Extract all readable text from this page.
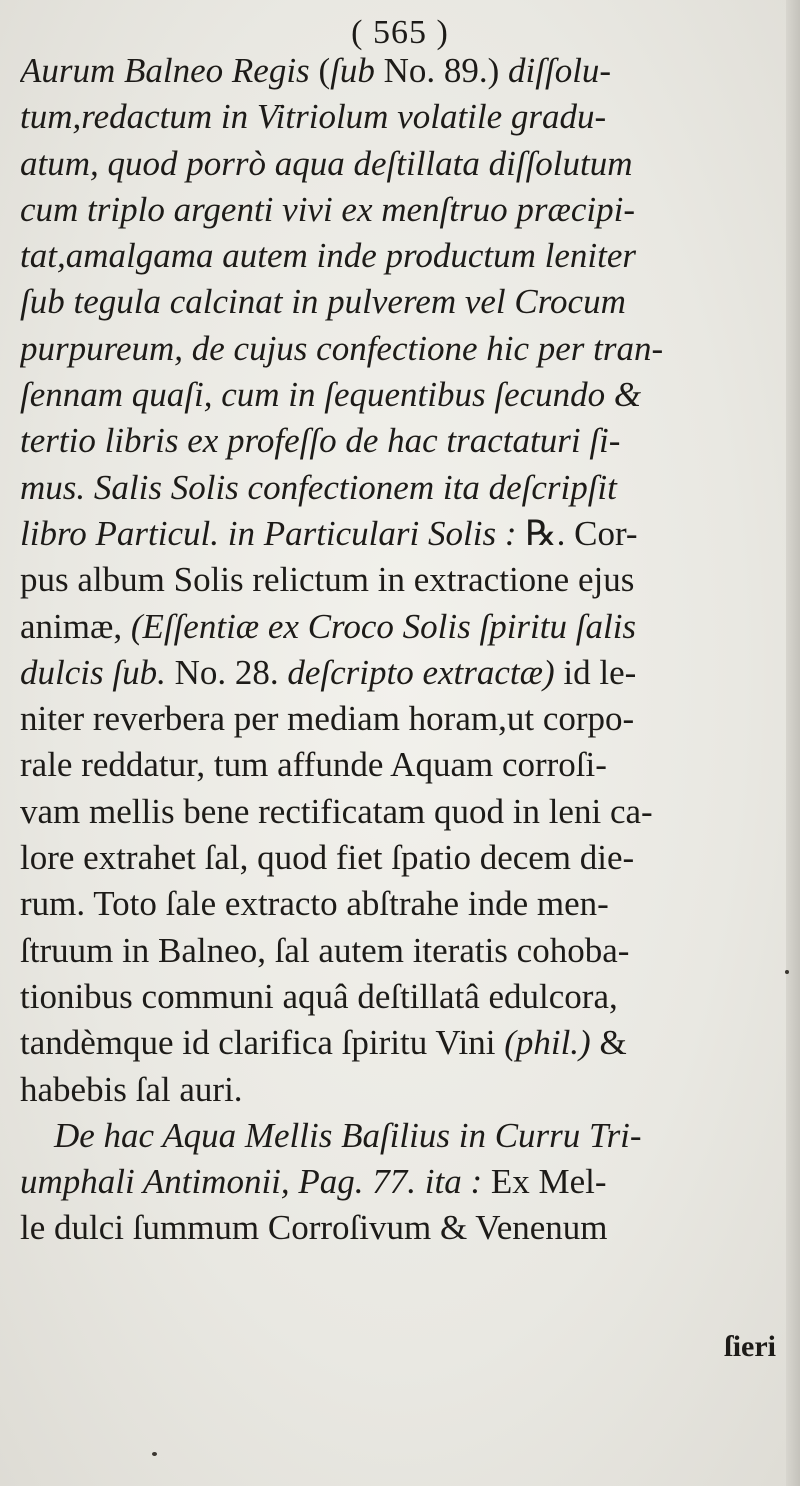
( 565 )
Aurum Balneo Regis (ſub No. 89.) diſſolu-
tum,redactum in Vitriolum volatile gradu-
atum, quod porrò aqua deſtillata diſſolutum
cum triplo argenti vivi ex menſtruo præcipi-
tat,amalgama autem inde productum leniter
ſub tegula calcinat in pulverem vel Crocum
purpureum, de cujus confectione hic per tran-
ſennam quaſi, cum in ſequentibus ſecundo &
tertio libris ex profeſſo de hac tractaturi ſi-
mus. Salis Solis confectionem ita deſcripſit
libro Particul. in Particulari Solis : ℞. Cor-
pus album Solis relictum in extractione ejus
animæ, (Eſſentiæ ex Croco Solis ſpiritu ſalis
dulcis ſub. No. 28. deſcripto extractæ) id le-
niter reverbera per mediam horam,ut corpo-
rale reddatur, tum affunde Aquam corroſi-
vam mellis bene rectificatam quod in leni ca-
lore extrahet ſal, quod fiet ſpatio decem die-
rum. Toto ſale extracto abſtrahe inde men-
ſtruum in Balneo, ſal autem iteratis cohoba-
tionibus communi aquâ deſtillatâ edulcora,
tandèmque id clarifica ſpiritu Vini (phil.) &
habebis ſal auri.
De hac Aqua Mellis Baſilius in Curru Tri-
umphali Antimonii, Pag. 77. ita : Ex Mel-
le dulci ſummum Corroſivum & Venenum
ſieri
